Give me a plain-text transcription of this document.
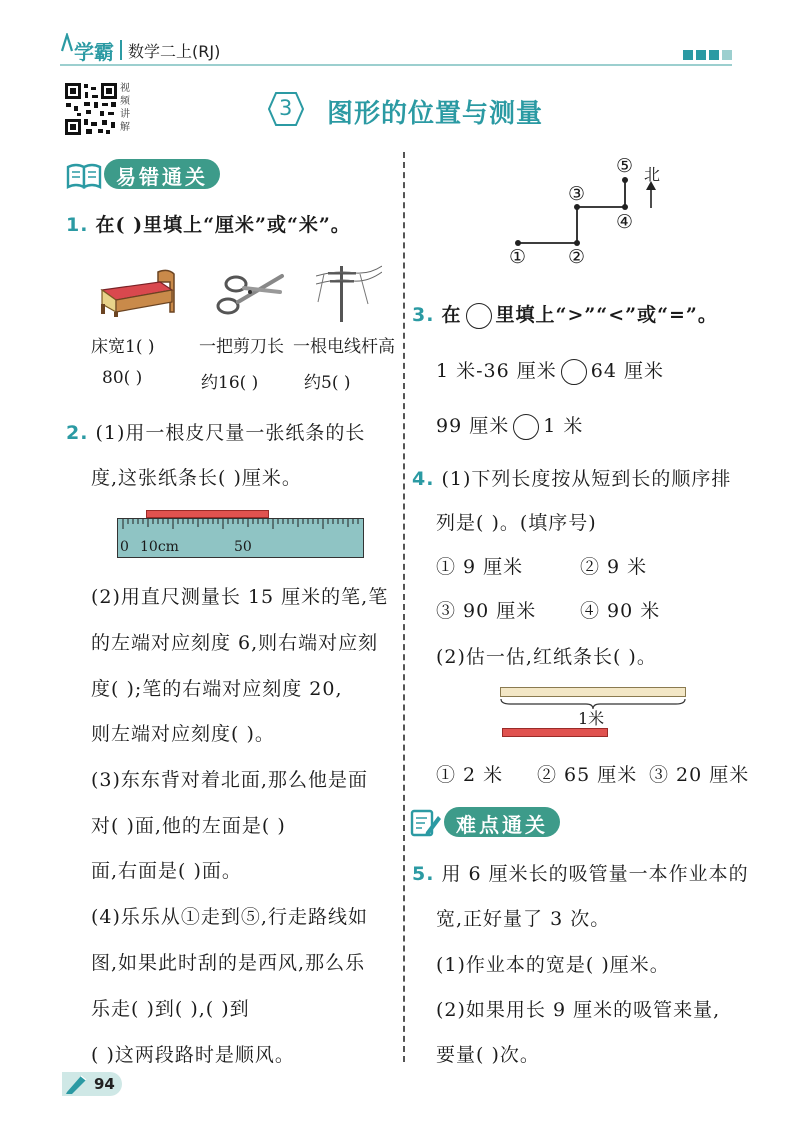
学霸 数学二上(RJ)
视
频
讲
解
3 图形的位置与测量
易错通关
1. 在( )里填上“厘米”或“米”。
床宽1( )
80( )
一把剪刀长
约16( )
一根电线杆高
约5( )
2. (1)用一根皮尺量一张纸条的长
度,这张纸条长( )厘米。
0 10cm	50
(2)用直尺测量长 15 厘米的笔,笔
的左端对应刻度 6,则右端对应刻
度( );笔的右端对应刻度 20,
则左端对应刻度( )。
(3)东东背对着北面,那么他是面
对( )面,他的左面是( )
面,右面是( )面。
(4)乐乐从①走到⑤,行走路线如
图,如果此时刮的是西风,那么乐
乐走( )到( ),( )到
( )这两段路时是顺风。
① ②
③
④
⑤ 北
3. 在 里填上“>”“<”或“=”。
1 米-36 厘米 64 厘米
99 厘米 1 米
4. (1)下列长度按从短到长的顺序排
列是( )。(填序号)
① 9 厘米	② 9 米
③ 90 厘米 ④ 90 米
(2)估一估,红纸条长( )。
1米
① 2 米 ② 65 厘米 ③ 20 厘米
难点通关
5. 用 6 厘米长的吸管量一本作业本的
宽,正好量了 3 次。
(1)作业本的宽是( )厘米。
(2)如果用长 9 厘米的吸管来量,
要量( )次。
94
